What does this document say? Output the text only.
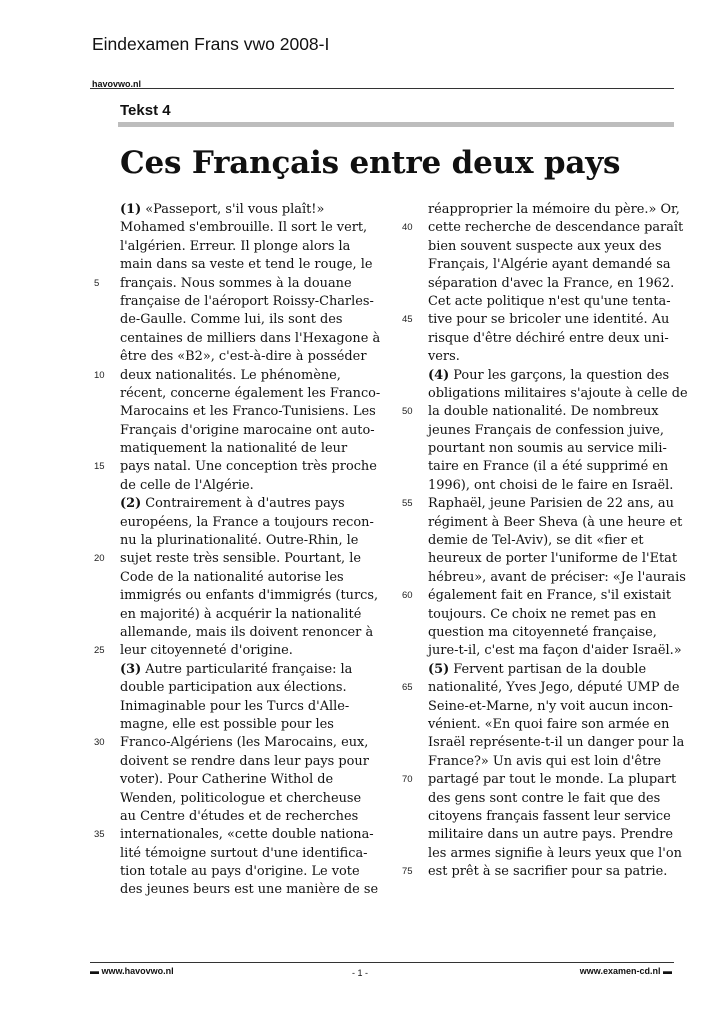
Eindexamen Frans vwo 2008-I
havovwo.nl
Tekst 4
Ces Français entre deux pays
(1) «Passeport, s'il vous plaît!»
Mohamed s'embrouille. Il sort le vert,
l'algérien. Erreur. Il plonge alors la
main dans sa veste et tend le rouge, le
5 français. Nous sommes à la douane
française de l'aéroport Roissy-Charles-
de-Gaulle. Comme lui, ils sont des
centaines de milliers dans l'Hexagone à
être des «B2», c'est-à-dire à posséder
10 deux nationalités. Le phénomène,
récent, concerne également les Franco-
Marocains et les Franco-Tunisiens. Les
Français d'origine marocaine ont auto-
matiquement la nationalité de leur
15 pays natal. Une conception très proche
de celle de l'Algérie.
(2) Contrairement à d'autres pays
européens, la France a toujours recon-
nu la plurinationalité. Outre-Rhin, le
20 sujet reste très sensible. Pourtant, le
Code de la nationalité autorise les
immigrés ou enfants d'immigrés (turcs,
en majorité) à acquérir la nationalité
allemande, mais ils doivent renoncer à
25 leur citoyenneté d'origine.
(3) Autre particularité française: la
double participation aux élections.
Inimaginable pour les Turcs d'Alle-
magne, elle est possible pour les
30 Franco-Algériens (les Marocains, eux,
doivent se rendre dans leur pays pour
voter). Pour Catherine Withol de
Wenden, politicologue et chercheuse
au Centre d'études et de recherches
35 internationales, «cette double nationa-
lité témoigne surtout d'une identifica-
tion totale au pays d'origine. Le vote
des jeunes beurs est une manière de se
réapproprier la mémoire du père.» Or,
40 cette recherche de descendance paraît
bien souvent suspecte aux yeux des
Français, l'Algérie ayant demandé sa
séparation d'avec la France, en 1962.
Cet acte politique n'est qu'une tenta-
45 tive pour se bricoler une identité. Au
risque d'être déchiré entre deux uni-
vers.
(4) Pour les garçons, la question des
obligations militaires s'ajoute à celle de
50 la double nationalité. De nombreux
jeunes Français de confession juive,
pourtant non soumis au service mili-
taire en France (il a été supprimé en
1996), ont choisi de le faire en Israël.
55 Raphaël, jeune Parisien de 22 ans, au
régiment à Beer Sheva (à une heure et
demie de Tel-Aviv), se dit «fier et
heureux de porter l'uniforme de l'Etat
hébreu», avant de préciser: «Je l'aurais
60 également fait en France, s'il existait
toujours. Ce choix ne remet pas en
question ma citoyenneté française,
jure-t-il, c'est ma façon d'aider Israël.»
(5) Fervent partisan de la double
65 nationalité, Yves Jego, député UMP de
Seine-et-Marne, n'y voit aucun incon-
vénient. «En quoi faire son armée en
Israël représente-t-il un danger pour la
France?» Un avis qui est loin d'être
70 partagé par tout le monde. La plupart
des gens sont contre le fait que des
citoyens français fassent leur service
militaire dans un autre pays. Prendre
les armes signifie à leurs yeux que l'on
75 est prêt à se sacrifier pour sa patrie.
▬ www.havovwo.nl	- 1 -	www.examen-cd.nl ▬
